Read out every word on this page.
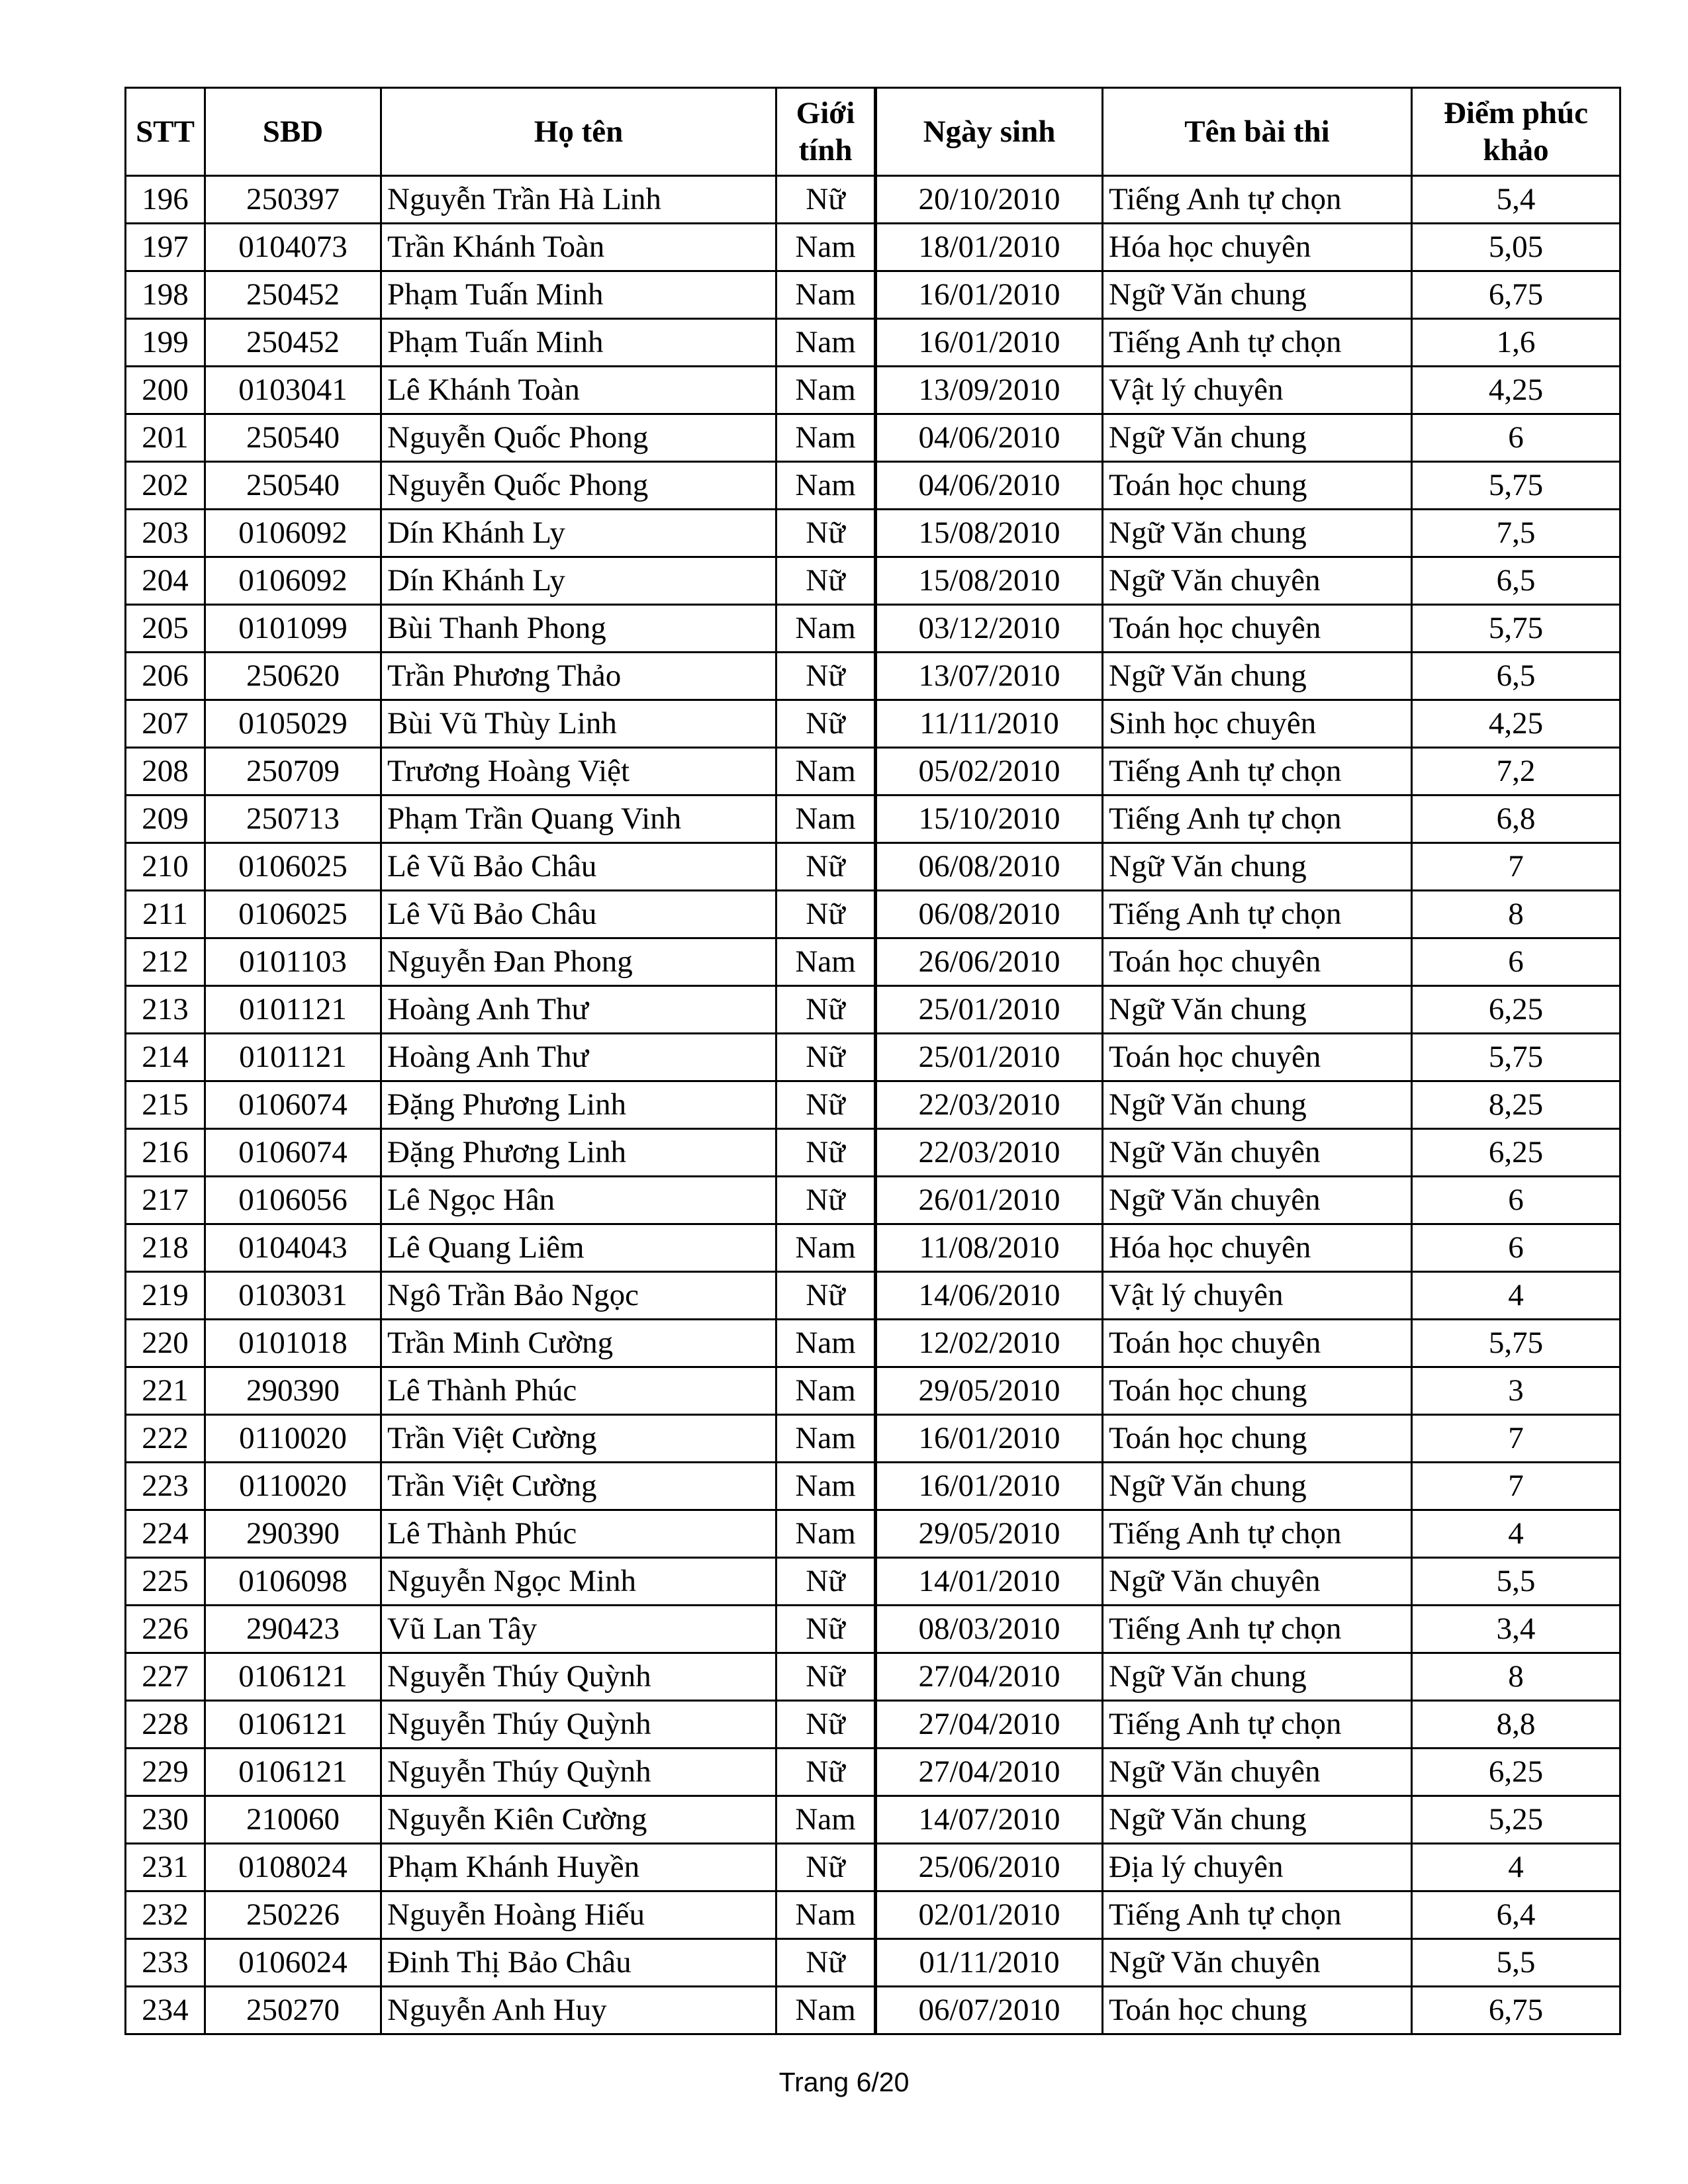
STT	SBD	Họ tên	Giới tính	Ngày sinh	Tên bài thi	Điểm phúc khảo
196	250397	Nguyễn Trần Hà Linh	Nữ	20/10/2010	Tiếng Anh tự chọn	5,4
197	0104073	Trần Khánh Toàn	Nam	18/01/2010	Hóa học chuyên	5,05
198	250452	Phạm Tuấn Minh	Nam	16/01/2010	Ngữ Văn chung	6,75
199	250452	Phạm Tuấn Minh	Nam	16/01/2010	Tiếng Anh tự chọn	1,6
200	0103041	Lê Khánh Toàn	Nam	13/09/2010	Vật lý chuyên	4,25
201	250540	Nguyễn Quốc Phong	Nam	04/06/2010	Ngữ Văn chung	6
202	250540	Nguyễn Quốc Phong	Nam	04/06/2010	Toán học chung	5,75
203	0106092	Dín Khánh Ly	Nữ	15/08/2010	Ngữ Văn chung	7,5
204	0106092	Dín Khánh Ly	Nữ	15/08/2010	Ngữ Văn chuyên	6,5
205	0101099	Bùi Thanh Phong	Nam	03/12/2010	Toán học chuyên	5,75
206	250620	Trần Phương Thảo	Nữ	13/07/2010	Ngữ Văn chung	6,5
207	0105029	Bùi Vũ Thùy Linh	Nữ	11/11/2010	Sinh học chuyên	4,25
208	250709	Trương Hoàng Việt	Nam	05/02/2010	Tiếng Anh tự chọn	7,2
209	250713	Phạm Trần Quang Vinh	Nam	15/10/2010	Tiếng Anh tự chọn	6,8
210	0106025	Lê Vũ Bảo Châu	Nữ	06/08/2010	Ngữ Văn chung	7
211	0106025	Lê Vũ Bảo Châu	Nữ	06/08/2010	Tiếng Anh tự chọn	8
212	0101103	Nguyễn Đan Phong	Nam	26/06/2010	Toán học chuyên	6
213	0101121	Hoàng Anh Thư	Nữ	25/01/2010	Ngữ Văn chung	6,25
214	0101121	Hoàng Anh Thư	Nữ	25/01/2010	Toán học chuyên	5,75
215	0106074	Đặng Phương Linh	Nữ	22/03/2010	Ngữ Văn chung	8,25
216	0106074	Đặng Phương Linh	Nữ	22/03/2010	Ngữ Văn chuyên	6,25
217	0106056	Lê Ngọc Hân	Nữ	26/01/2010	Ngữ Văn chuyên	6
218	0104043	Lê Quang Liêm	Nam	11/08/2010	Hóa học chuyên	6
219	0103031	Ngô Trần Bảo Ngọc	Nữ	14/06/2010	Vật lý chuyên	4
220	0101018	Trần Minh Cường	Nam	12/02/2010	Toán học chuyên	5,75
221	290390	Lê Thành Phúc	Nam	29/05/2010	Toán học chung	3
222	0110020	Trần Việt Cường	Nam	16/01/2010	Toán học chung	7
223	0110020	Trần Việt Cường	Nam	16/01/2010	Ngữ Văn chung	7
224	290390	Lê Thành Phúc	Nam	29/05/2010	Tiếng Anh tự chọn	4
225	0106098	Nguyễn Ngọc Minh	Nữ	14/01/2010	Ngữ Văn chuyên	5,5
226	290423	Vũ Lan Tây	Nữ	08/03/2010	Tiếng Anh tự chọn	3,4
227	0106121	Nguyễn Thúy Quỳnh	Nữ	27/04/2010	Ngữ Văn chung	8
228	0106121	Nguyễn Thúy Quỳnh	Nữ	27/04/2010	Tiếng Anh tự chọn	8,8
229	0106121	Nguyễn Thúy Quỳnh	Nữ	27/04/2010	Ngữ Văn chuyên	6,25
230	210060	Nguyễn Kiên Cường	Nam	14/07/2010	Ngữ Văn chung	5,25
231	0108024	Phạm Khánh Huyền	Nữ	25/06/2010	Địa lý chuyên	4
232	250226	Nguyễn Hoàng Hiếu	Nam	02/01/2010	Tiếng Anh tự chọn	6,4
233	0106024	Đinh Thị Bảo Châu	Nữ	01/11/2010	Ngữ Văn chuyên	5,5
234	250270	Nguyễn Anh Huy	Nam	06/07/2010	Toán học chung	6,75
Trang 6/20
